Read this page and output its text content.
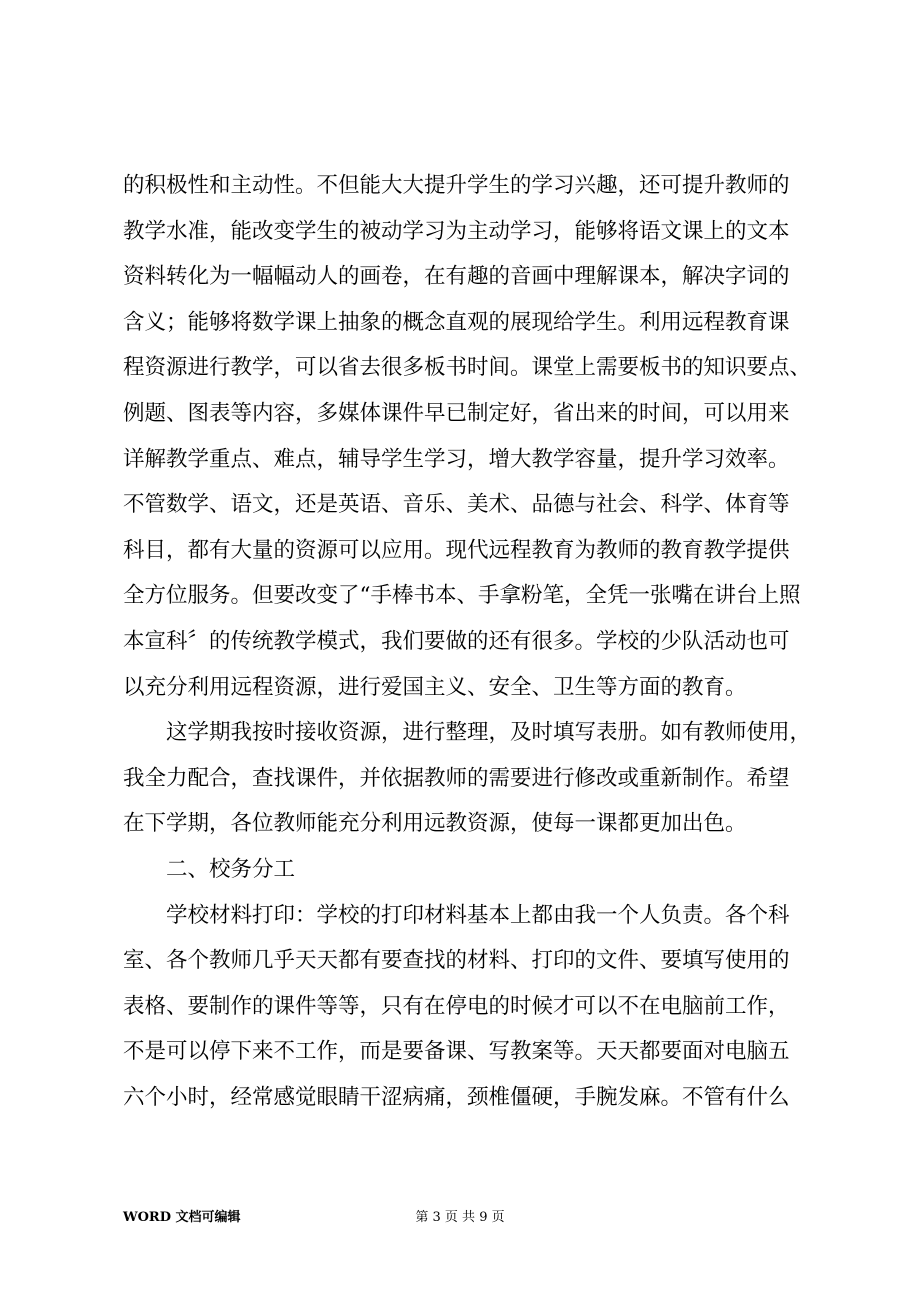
的积极性和主动性。不但能大大提升学生的学习兴趣，还可提升教师的
教学水准，能改变学生的被动学习为主动学习，能够将语文课上的文本
资料转化为一幅幅动人的画卷，在有趣的音画中理解课本，解决字词的
含义；能够将数学课上抽象的概念直观的展现给学生。利用远程教育课
程资源进行教学，可以省去很多板书时间。课堂上需要板书的知识要点、
例题、图表等内容，多媒体课件早已制定好，省出来的时间，可以用来
详解教学重点、难点，辅导学生学习，增大教学容量，提升学习效率。
不管数学、语文，还是英语、音乐、美术、品德与社会、科学、体育等
科目，都有大量的资源可以应用。现代远程教育为教师的教育教学提供
全方位服务。但要改变了“手棒书本、手拿粉笔，全凭一张嘴在讲台上照
本宣科〞的传统教学模式，我们要做的还有很多。学校的少队活动也可
以充分利用远程资源，进行爱国主义、安全、卫生等方面的教育。
这学期我按时接收资源，进行整理，及时填写表册。如有教师使用，
我全力配合，查找课件，并依据教师的需要进行修改或重新制作。希望
在下学期，各位教师能充分利用远教资源，使每一课都更加出色。
二、校务分工
学校材料打印：学校的打印材料基本上都由我一个人负责。各个科
室、各个教师几乎天天都有要查找的材料、打印的文件、要填写使用的
表格、要制作的课件等等，只有在停电的时候才可以不在电脑前工作，
不是可以停下来不工作，而是要备课、写教案等。天天都要面对电脑五
六个小时，经常感觉眼睛干涩病痛，颈椎僵硬，手腕发麻。不管有什么
WORD 文档可编辑	第 3 页 共 9 页
